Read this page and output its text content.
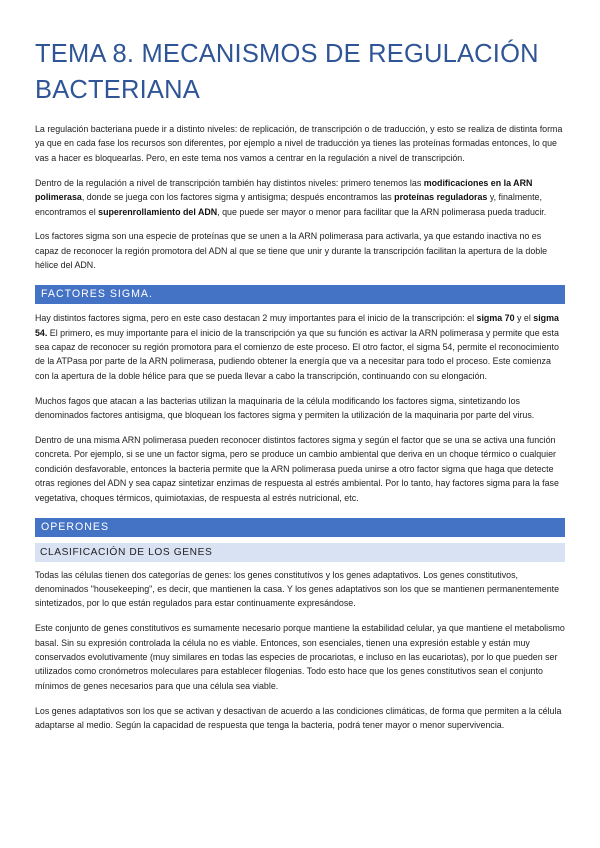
TEMA 8. MECANISMOS DE REGULACIÓN BACTERIANA

La regulación bacteriana puede ir a distinto niveles: de replicación, de transcripción o de traducción, y esto se realiza de distinta forma ya que en cada fase los recursos son diferentes, por ejemplo a nivel de traducción ya tienes las proteínas formadas entonces, lo que vas a hacer es bloquearlas. Pero, en este tema nos vamos a centrar en la regulación a nivel de transcripción.

Dentro de la regulación a nivel de transcripción también hay distintos niveles: primero tenemos las modificaciones en la ARN polimerasa, donde se juega con los factores sigma y antisigma; después encontramos las proteínas reguladoras y, finalmente, encontramos el superenrollamiento del ADN, que puede ser mayor o menor para facilitar que la ARN polimerasa pueda traducir.

Los factores sigma son una especie de proteínas que se unen a la ARN polimerasa para activarla, ya que estando inactiva no es capaz de reconocer la región promotora del ADN al que se tiene que unir y durante la transcripción facilitan la apertura de la doble hélice del ADN.

FACTORES SIGMA.

Hay distintos factores sigma, pero en este caso destacan 2 muy importantes para el inicio de la transcripción: el sigma 70 y el sigma 54. El primero, es muy importante para el inicio de la transcripción ya que su función es activar la ARN polimerasa y permite que esta sea capaz de reconocer su región promotora para el comienzo de este proceso. El otro factor, el sigma 54, permite el reconocimiento de la ATPasa por parte de la ARN polimerasa, pudiendo obtener la energía que va a necesitar para todo el proceso. Este comienza con la apertura de la doble hélice para que se pueda llevar a cabo la transcripción, continuando con su elongación.

Muchos fagos que atacan a las bacterias utilizan la maquinaria de la célula modificando los factores sigma, sintetizando los denominados factores antisigma, que bloquean los factores sigma y permiten la utilización de la maquinaria por parte del virus.

Dentro de una misma ARN polimerasa pueden reconocer distintos factores sigma y según el factor que se una se activa una función concreta. Por ejemplo, si se une un factor sigma, pero se produce un cambio ambiental que deriva en un choque térmico o cualquier condición desfavorable, entonces la bacteria permite que la ARN polimerasa pueda unirse a otro factor sigma que haga que detecte otras regiones del ADN y sea capaz sintetizar enzimas de respuesta al estrés ambiental. Por lo tanto, hay factores sigma para la fase vegetativa, choques térmicos, quimiotaxias, de respuesta al estrés nutricional, etc.

OPERONES
CLASIFICACIÓN DE LOS GENES

Todas las células tienen dos categorías de genes: los genes constitutivos y los genes adaptativos. Los genes constitutivos, denominados "housekeeping", es decir, que mantienen la casa. Y los genes adaptativos son los que se mantienen permanentemente sintetizados, por lo que están regulados para estar continuamente expresándose.

Este conjunto de genes constitutivos es sumamente necesario porque mantiene la estabilidad celular, ya que mantiene el metabolismo basal. Sin su expresión controlada la célula no es viable. Entonces, son esenciales, tienen una expresión estable y están muy conservados evolutivamente (muy similares en todas las especies de procariotas, e incluso en las eucariotas), por lo que pueden ser utilizados como cronómetros moleculares para establecer filogenias. Todo esto hace que los genes constitutivos sean el conjunto mínimos de genes necesarios para que una célula sea viable.

Los genes adaptativos son los que se activan y desactivan de acuerdo a las condiciones climáticas, de forma que permiten a la célula adaptarse al medio. Según la capacidad de respuesta que tenga la bacteria, podrá tener mayor o menor supervivencia.
